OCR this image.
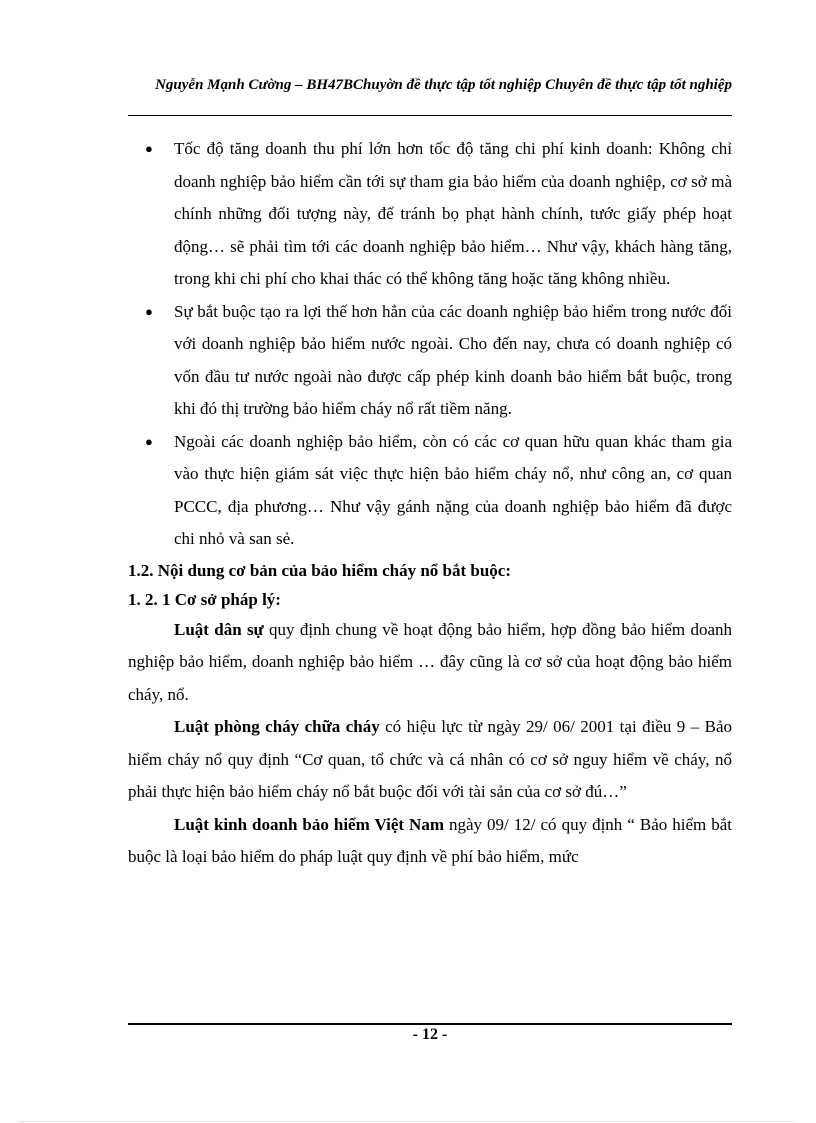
Nguyễn Mạnh Cường – BH47BChuyờn đề thực tập tốt nghiệp Chuyên đề thực tập tốt nghiệp
● Tốc độ tăng doanh thu phí lớn hơn tốc độ tăng chi phí kinh doanh: Không chỉ doanh nghiệp bảo hiểm cần tới sự tham gia bảo hiểm của doanh nghiệp, cơ sở mà chính những đối tượng này, để tránh bọ phạt hành chính, tước giấy phép hoạt động… sẽ phải tìm tới các doanh nghiệp bảo hiểm… Như vậy, khách hàng tăng, trong khi chi phí cho khai thác có thể không tăng hoặc tăng không nhiều.
● Sự bắt buộc tạo ra lợi thế hơn hẳn của các doanh nghiệp bảo hiểm trong nước đối với doanh nghiệp bảo hiểm nước ngoài. Cho đến nay, chưa có doanh nghiệp có vốn đầu tư nước ngoài nào được cấp phép kinh doanh bảo hiểm bắt buộc, trong khi đó thị trường bảo hiểm cháy nổ rất tiềm năng.
● Ngoài các doanh nghiệp bảo hiểm, còn có các cơ quan hữu quan khác tham gia vào thực hiện giám sát việc thực hiện bảo hiểm cháy nổ, như công an, cơ quan PCCC, địa phương… Như vậy gánh nặng của doanh nghiệp bảo hiểm đã được chi nhỏ và san sẻ.
1.2. Nội dung cơ bản của bảo hiểm cháy nổ bắt buộc:
1. 2. 1 Cơ sở pháp lý:

Luật dân sự quy định chung về hoạt động bảo hiểm, hợp đồng bảo hiểm doanh nghiệp bảo hiểm, doanh nghiệp bảo hiểm … đây cũng là cơ sở của hoạt động bảo hiểm cháy, nổ.

Luật phòng cháy chữa cháy có hiệu lực từ ngày 29/ 06/ 2001 tại điều 9 – Bảo hiểm cháy nổ quy định “Cơ quan, tổ chức và cá nhân có cơ sở nguy hiểm về cháy, nổ phải thực hiện bảo hiểm cháy nổ bắt buộc đối với tài sản của cơ sở đú…”

Luật kinh doanh bảo hiểm Việt Nam ngày 09/ 12/ có quy định “ Bảo hiểm bắt buộc là loại bảo hiểm do pháp luật quy định về phí bảo hiểm, mức

- 12 -
